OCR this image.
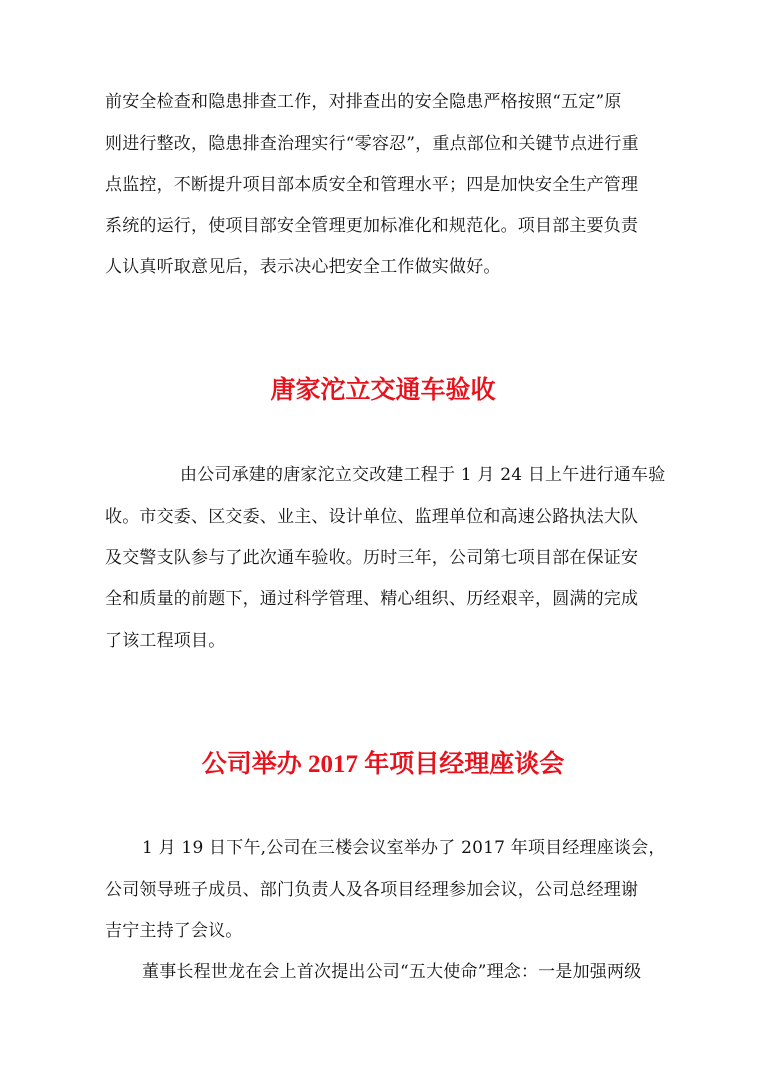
前安全检查和隐患排查工作，对排查出的安全隐患严格按照“五定”原
则进行整改，隐患排查治理实行“零容忍”，重点部位和关键节点进行重
点监控，不断提升项目部本质安全和管理水平；四是加快安全生产管理
系统的运行，使项目部安全管理更加标准化和规范化。项目部主要负责
人认真听取意见后，表示决心把安全工作做实做好。
唐家沱立交通车验收
由公司承建的唐家沱立交改建工程于 1 月 24 日上午进行通车验
收。市交委、区交委、业主、设计单位、监理单位和高速公路执法大队
及交警支队参与了此次通车验收。历时三年，公司第七项目部在保证安
全和质量的前题下，通过科学管理、精心组织、历经艰辛，圆满的完成
了该工程项目。
公司举办 2017 年项目经理座谈会
1 月 19 日下午,公司在三楼会议室举办了 2017 年项目经理座谈会，
公司领导班子成员、部门负责人及各项目经理参加会议，公司总经理谢
吉宁主持了会议。
董事长程世龙在会上首次提出公司“五大使命”理念：一是加强两级
